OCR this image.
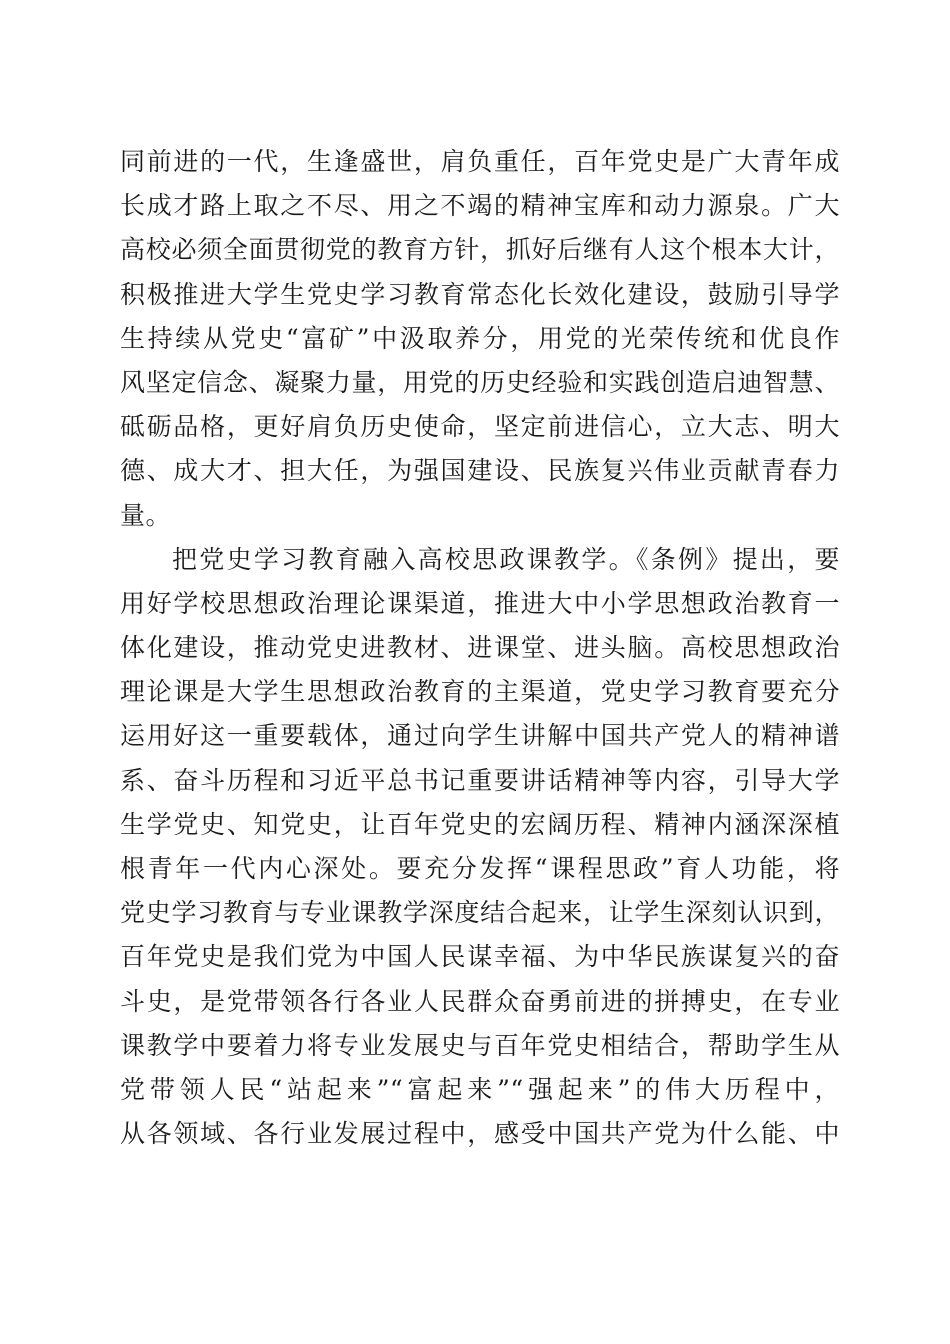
同前进的一代，生逢盛世，肩负重任，百年党史是广大青年成
长成才路上取之不尽、用之不竭的精神宝库和动力源泉。广大
高校必须全面贯彻党的教育方针，抓好后继有人这个根本大计，
积极推进大学生党史学习教育常态化长效化建设，鼓励引导学
生持续从党史“富矿”中汲取养分，用党的光荣传统和优良作
风坚定信念、凝聚力量，用党的历史经验和实践创造启迪智慧、
砥砺品格，更好肩负历史使命，坚定前进信心，立大志、明大
德、成大才、担大任，为强国建设、民族复兴伟业贡献青春力
量。
把党史学习教育融入高校思政课教学。《条例》提出，要
用好学校思想政治理论课渠道，推进大中小学思想政治教育一
体化建设，推动党史进教材、进课堂、进头脑。高校思想政治
理论课是大学生思想政治教育的主渠道，党史学习教育要充分
运用好这一重要载体，通过向学生讲解中国共产党人的精神谱
系、奋斗历程和习近平总书记重要讲话精神等内容，引导大学
生学党史、知党史，让百年党史的宏阔历程、精神内涵深深植
根青年一代内心深处。要充分发挥“课程思政”育人功能，将
党史学习教育与专业课教学深度结合起来，让学生深刻认识到，
百年党史是我们党为中国人民谋幸福、为中华民族谋复兴的奋
斗史，是党带领各行各业人民群众奋勇前进的拼搏史，在专业
课教学中要着力将专业发展史与百年党史相结合，帮助学生从
党带领人民“站起来”“富起来”“强起来”的伟大历程中，
从各领域、各行业发展过程中，感受中国共产党为什么能、中
